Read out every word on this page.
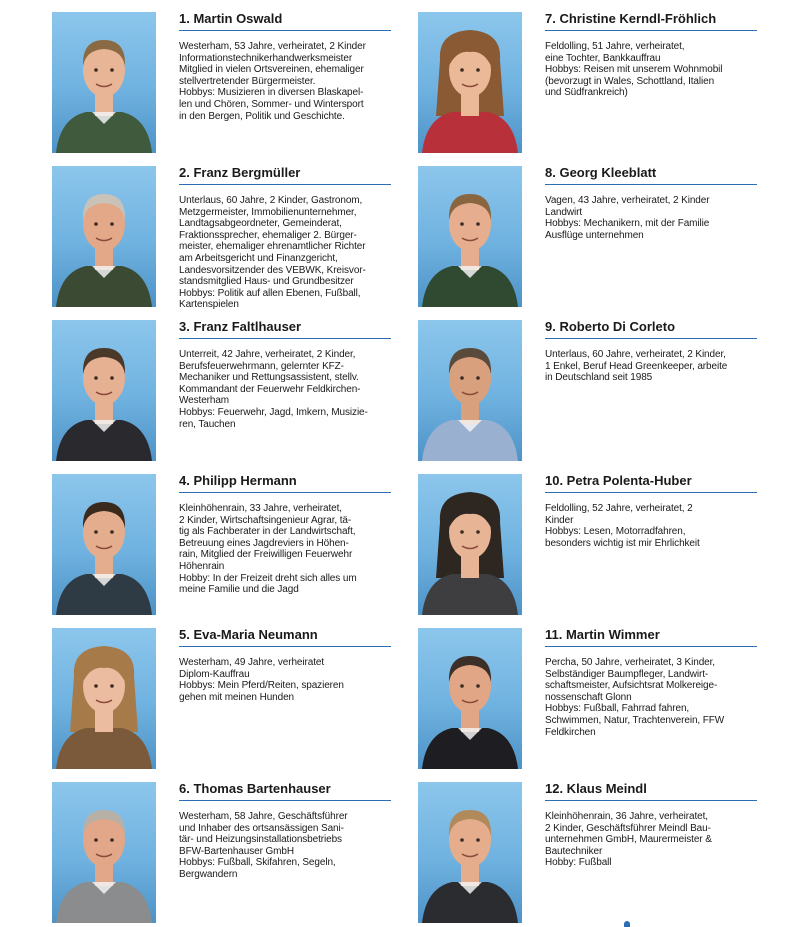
1. Martin Oswald
Westerham, 53 Jahre, verheiratet, 2 Kinder
Informationstechnikerhandwerksmeister
Mitglied in vielen Ortsvereinen, ehemaliger
stellvertretender Bürgermeister.
Hobbys: Musizieren in diversen Blaskapel-
len und Chören, Sommer- und Wintersport
in den Bergen, Politik und Geschichte.
2. Franz Bergmüller
Unterlaus, 60 Jahre, 2 Kinder, Gastronom,
Metzgermeister, Immobilienunternehmer,
Landtagsabgeordneter, Gemeinderat,
Fraktionssprecher, ehemaliger 2. Bürger-
meister, ehemaliger ehrenamtlicher Richter
am Arbeitsgericht und Finanzgericht,
Landesvorsitzender des VEBWK, Kreisvor-
standsmitglied Haus- und Grundbesitzer
Hobbys: Politik auf allen Ebenen, Fußball,
Kartenspielen
3. Franz Faltlhauser
Unterreit, 42 Jahre, verheiratet, 2 Kinder,
Berufsfeuerwehrmann, gelernter KFZ-
Mechaniker und Rettungsassistent, stellv.
Kommandant der Feuerwehr Feldkirchen-
Westerham
Hobbys: Feuerwehr, Jagd, Imkern, Musizie-
ren, Tauchen
4. Philipp Hermann
Kleinhöhenrain, 33 Jahre, verheiratet,
2 Kinder, Wirtschaftsingenieur Agrar, tä-
tig als Fachberater in der Landwirtschaft,
Betreuung eines Jagdreviers in Höhen-
rain, Mitglied der Freiwilligen Feuerwehr
Höhenrain
Hobby: In der Freizeit dreht sich alles um
meine Familie und die Jagd
5. Eva-Maria Neumann
Westerham, 49 Jahre, verheiratet
Diplom-Kauffrau
Hobbys: Mein Pferd/Reiten, spazieren
gehen mit meinen Hunden
6. Thomas Bartenhauser
Westerham, 58 Jahre, Geschäftsführer
und Inhaber des ortsansässigen Sani-
tär- und Heizungsinstallationsbetriebs
BFW-Bartenhauser GmbH
Hobbys: Fußball, Skifahren, Segeln,
Bergwandern
7. Christine Kerndl-Fröhlich
Feldolling, 51 Jahre, verheiratet,
eine Tochter, Bankkauffrau
Hobbys: Reisen mit unserem Wohnmobil
(bevorzugt in Wales, Schottland, Italien
und Südfrankreich)
8. Georg Kleeblatt
Vagen, 43 Jahre, verheiratet, 2 Kinder
Landwirt
Hobbys: Mechanikern, mit der Familie
Ausflüge unternehmen
9. Roberto Di Corleto
Unterlaus, 60 Jahre, verheiratet, 2 Kinder,
1 Enkel, Beruf Head Greenkeeper, arbeite
in Deutschland seit 1985
10. Petra Polenta-Huber
Feldolling, 52 Jahre, verheiratet, 2
Kinder
Hobbys: Lesen, Motorradfahren,
besonders wichtig ist mir Ehrlichkeit
11. Martin Wimmer
Percha, 50 Jahre, verheiratet, 3 Kinder,
Selbständiger Baumpfleger, Landwirt-
schaftsmeister, Aufsichtsrat Molkereige-
nossenschaft Glonn
Hobbys: Fußball, Fahrrad fahren,
Schwimmen, Natur, Trachtenverein, FFW
Feldkirchen
12. Klaus Meindl
Kleinhöhenrain, 36 Jahre, verheiratet,
2 Kinder, Geschäftsführer Meindl Bau-
unternehmen GmbH, Maurermeister &
Bautechniker
Hobby: Fußball
